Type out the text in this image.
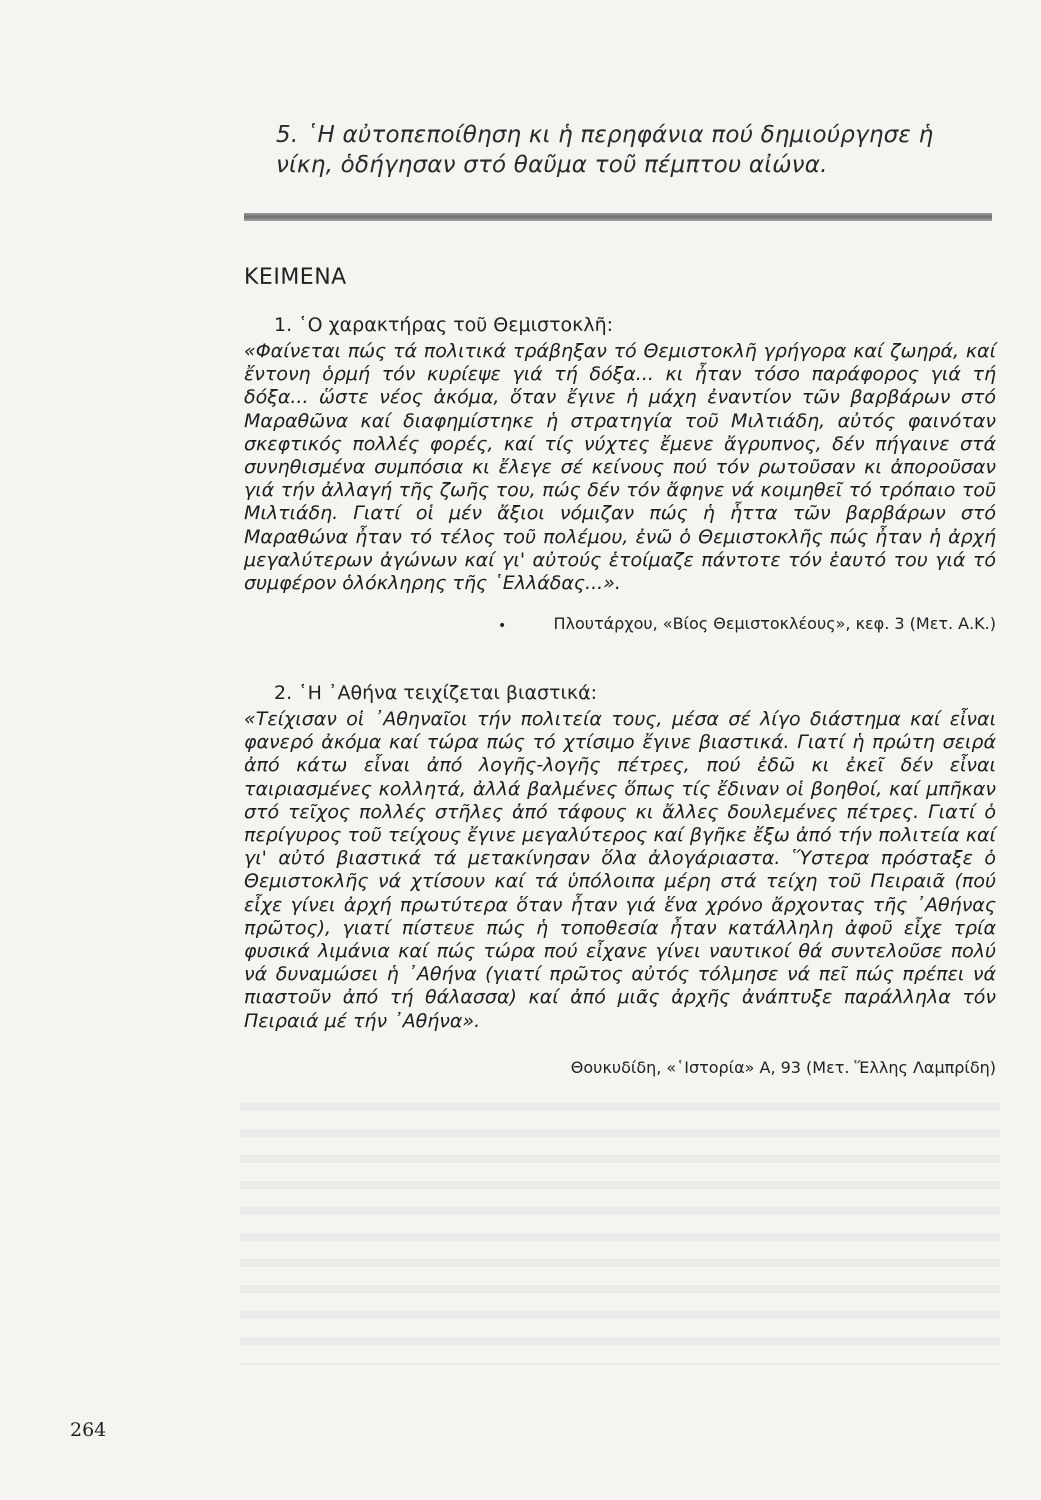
5. ῾Η αὐτοπεποίθηση κι ἡ περηφάνια πού δημιούργησε ἡ νίκη, ὁδήγησαν στό θαῦμα τοῦ πέμπτου αἰώνα.
ΚΕΙΜΕΝΑ
1. ῾Ο χαρακτήρας τοῦ Θεμιστοκλῆ:
«Φαίνεται πώς τά πολιτικά τράβηξαν τό Θεμιστοκλῆ γρήγορα καί ζωηρά, καί ἔντονη ὁρμή τόν κυρίεψε γιά τή δόξα... κι ἦταν τόσο παράφορος γιά τή δόξα... ὥστε νέος ἀκόμα, ὅταν ἔγινε ἡ μάχη ἐναντίον τῶν βαρβάρων στό Μαραθῶνα καί διαφημίστηκε ἡ στρατηγία τοῦ Μιλτιάδη, αὐτός φαινόταν σκεφτικός πολλές φορές, καί τίς νύχτες ἔμενε ἄγρυπνος, δέν πήγαινε στά συνηθισμένα συμπόσια κι ἔλεγε σέ κείνους πού τόν ρωτοῦσαν κι ἀποροῦσαν γιά τήν ἀλλαγή τῆς ζωῆς του, πώς δέν τόν ἄφηνε νά κοιμηθεῖ τό τρόπαιο τοῦ Μιλτιάδη. Γιατί οἱ μέν ἄξιοι νόμιζαν πώς ἡ ἧττα τῶν βαρβάρων στό Μαραθώνα ἦταν τό τέλος τοῦ πολέμου, ἐνῶ ὁ Θεμιστοκλῆς πώς ἦταν ἡ ἀρχή μεγαλύτερων ἀγώνων καί γι' αὐτούς ἑτοίμαζε πάντοτε τόν ἑαυτό του γιά τό συμφέρον ὁλόκληρης τῆς ῾Ελλάδας...».
•	Πλουτάρχου, «Βίος Θεμιστοκλέους», κεφ. 3 (Μετ. Α.Κ.)
2. ῾Η ᾿Αθήνα τειχίζεται βιαστικά:
«Τείχισαν οἱ ᾿Αθηναῖοι τήν πολιτεία τους, μέσα σέ λίγο διάστημα καί εἶναι φανερό ἀκόμα καί τώρα πώς τό χτίσιμο ἔγινε βιαστικά. Γιατί ἡ πρώτη σειρά ἀπό κάτω εἶναι ἀπό λογῆς-λογῆς πέτρες, πού ἐδῶ κι ἐκεῖ δέν εἶναι ταιριασμένες κολλητά, ἀλλά βαλμένες ὅπως τίς ἔδιναν οἱ βοηθοί, καί μπῆκαν στό τεῖχος πολλές στῆλες ἀπό τάφους κι ἄλλες δουλεμένες πέτρες. Γιατί ὁ περίγυρος τοῦ τείχους ἔγινε μεγαλύτερος καί βγῆκε ἔξω ἀπό τήν πολιτεία καί γι' αὐτό βιαστικά τά μετακίνησαν ὅλα ἀλογάριαστα. Ὕστερα πρόσταξε ὁ Θεμιστοκλῆς νά χτίσουν καί τά ὑπόλοιπα μέρη στά τείχη τοῦ Πειραιᾶ (πού εἶχε γίνει ἀρχή πρωτύτερα ὅταν ἦταν γιά ἕνα χρόνο ἄρχοντας τῆς ᾿Αθήνας πρῶτος), γιατί πίστευε πώς ἡ τοποθεσία ἦταν κατάλληλη ἀφοῦ εἶχε τρία φυσικά λιμάνια καί πώς τώρα πού εἶχανε γίνει ναυτικοί θά συντελοῦσε πολύ νά δυναμώσει ἡ ᾿Αθήνα (γιατί πρῶτος αὐτός τόλμησε νά πεῖ πώς πρέπει νά πιαστοῦν ἀπό τή θάλασσα) καί ἀπό μιᾶς ἀρχῆς ἀνάπτυξε παράλληλα τόν Πειραιά μέ τήν ᾿Αθήνα».
Θουκυδίδη, «῾Ιστορία» Α, 93 (Μετ. Ἕλλης Λαμπρίδη)
264
